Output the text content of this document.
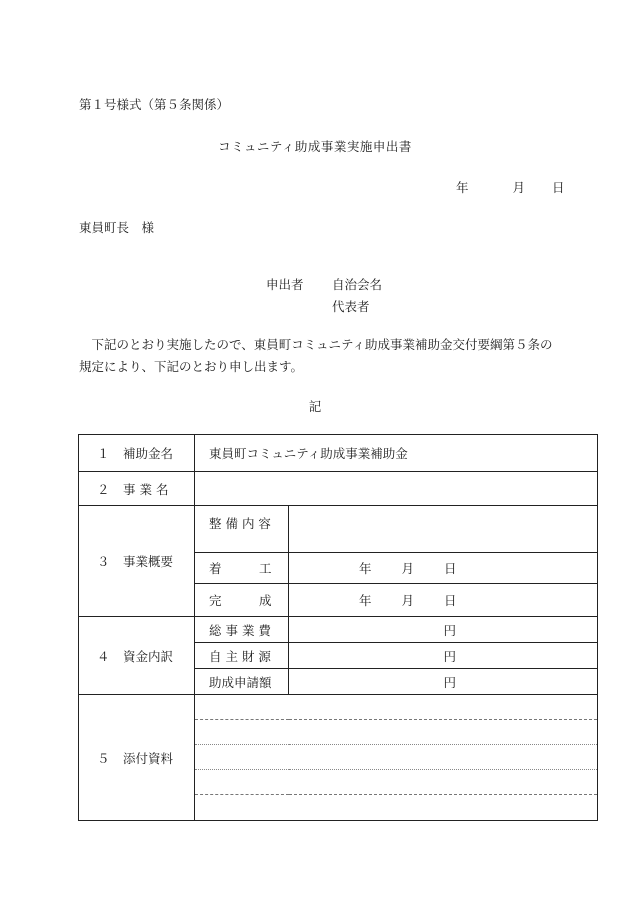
第１号様式（第５条関係）
コミュニティ助成事業実施申出書
年	月 日
東員町長　様
申出者 自治会名
代表者
下記のとおり実施したので、東員町コミュニティ助成事業補助金交付要綱第５条の規定により、下記のとおり申し出ます。
記
１ 補助金名	東員町コミュニティ助成事業補助金	
２ 事 業 名		
３ 事業概要	整 備 内 容	
	着　　　工	年 月 日
	完　　　成	年 月 日
４ 資金内訳	総 事 業 費	円
	自 主 財 源	円
	助成申請額	円
５ 添付資料		
